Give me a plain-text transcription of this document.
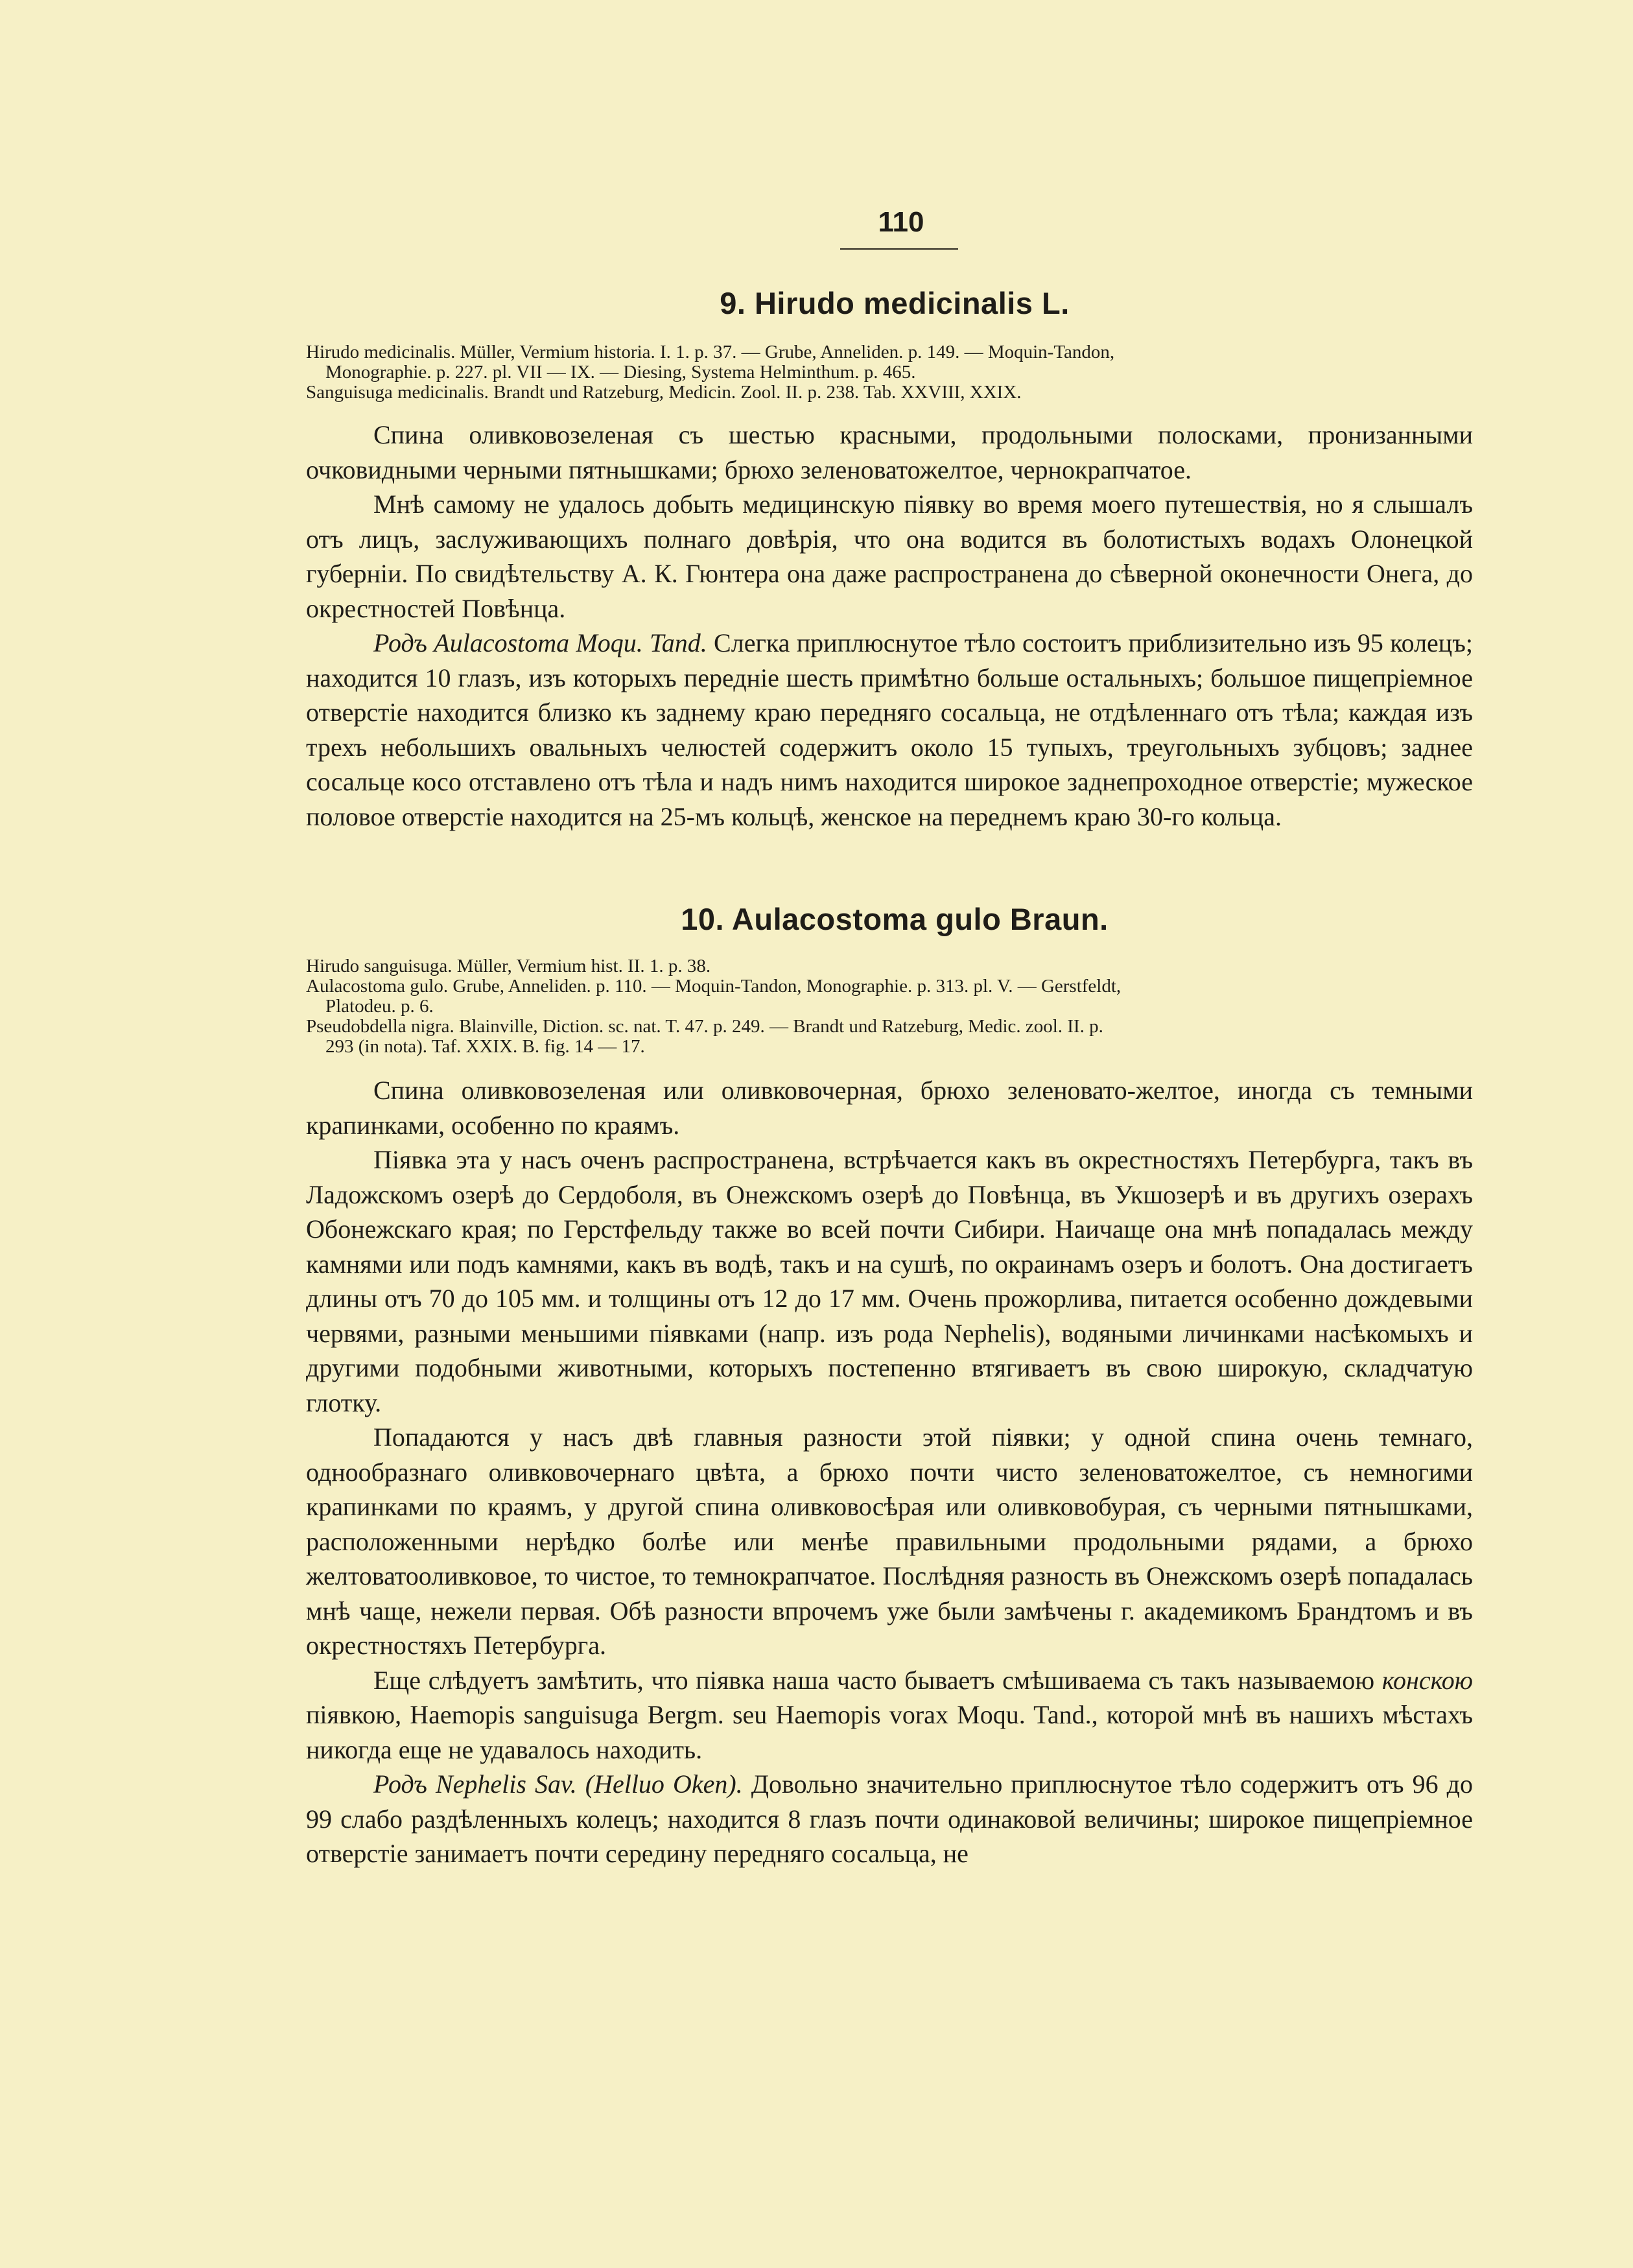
110
9. Hirudo medicinalis L.

Hirudo medicinalis. Müller, Vermium historia. I. 1. p. 37. — Grube, Anneliden. p. 149. — Moquin-Tandon,

Monographie. p. 227. pl. VII — IX. — Diesing, Systema Helminthum. p. 465.

Sanguisuga medicinalis. Brandt und Ratzeburg, Medicin. Zool. II. p. 238. Tab. XXVIII, XXIX.

Спина оливковозеленая съ шестью красными, продольными полосками, пронизанными очковидными черными пятнышками; брюхо зеленоватожелтое, чернокрапчатое.

Мнѣ самому не удалось добыть медицинскую піявку во время моего путешествія, но я слышалъ отъ лицъ, заслуживающихъ полнаго довѣрія, что она водится въ болотистыхъ водахъ Олонецкой губерніи. По свидѣтельству А. К. Гюнтера она даже распространена до сѣверной оконечности Онега, до окрестностей Повѣнца.

Родъ Aulacostoma Moqu. Tand. Слегка приплюснутое тѣло состоитъ приблизительно изъ 95 колецъ; находится 10 глазъ, изъ которыхъ передніе шесть примѣтно больше остальныхъ; большое пищепріемное отверстіе находится близко къ заднему краю передняго сосальца, не отдѣленнаго отъ тѣла; каждая изъ трехъ небольшихъ овальныхъ челюстей содержитъ около 15 тупыхъ, треугольныхъ зубцовъ; заднее сосальце косо отставлено отъ тѣла и надъ нимъ находится широкое заднепроходное отверстіе; мужеское половое отверстіе находится на 25-мъ кольцѣ, женское на переднемъ краю 30-го кольца.

10. Aulacostoma gulo Braun.

Hirudo sanguisuga. Müller, Vermium hist. II. 1. p. 38.

Aulacostoma gulo. Grube, Anneliden. p. 110. — Moquin-Tandon, Monographie. p. 313. pl. V. — Gerstfeldt,

Platodeu. p. 6.

Pseudobdella nigra. Blainville, Diction. sc. nat. T. 47. p. 249. — Brandt und Ratzeburg, Medic. zool. II. p.

293 (in nota). Taf. XXIX. B. fig. 14 — 17.

Спина оливковозеленая или оливковочерная, брюхо зеленовато-желтое, иногда съ темными крапинками, особенно по краямъ.

Піявка эта у насъ оченъ распространена, встрѣчается какъ въ окрестностяхъ Петербурга, такъ въ Ладожскомъ озерѣ до Сердоболя, въ Онежскомъ озерѣ до Повѣнца, въ Укшозерѣ и въ другихъ озерахъ Обонежскаго края; по Герстфельду также во всей почти Сибири. Наичаще она мнѣ попадалась между камнями или подъ камнями, какъ въ водѣ, такъ и на сушѣ, по окраинамъ озеръ и болотъ. Она достигаетъ длины отъ 70 до 105 мм. и толщины отъ 12 до 17 мм. Очень прожорлива, питается особенно дождевыми червями, разными меньшими піявками (напр. изъ рода Nephelis), водяными личинками насѣкомыхъ и другими подобными животными, которыхъ постепенно втягиваетъ въ свою широкую, складчатую глотку.

Попадаются у насъ двѣ главныя разности этой піявки; у одной спина очень темнаго, однообразнаго оливковочернаго цвѣта, а брюхо почти чисто зеленоватожелтое, съ немногими крапинками по краямъ, у другой спина оливковосѣрая или оливковобурая, съ черными пятнышками, расположенными нерѣдко болѣе или менѣе правильными продольными рядами, а брюхо желтоватооливковое, то чистое, то темнокрапчатое. Послѣдняя разность въ Онежскомъ озерѣ попадалась мнѣ чаще, нежели первая. Обѣ разности впрочемъ уже были замѣчены г. академикомъ Брандтомъ и въ окрестностяхъ Петербурга.

Еще слѣдуетъ замѣтить, что піявка наша часто бываетъ смѣшиваема съ такъ называемою конскою піявкою, Haemopis sanguisuga Bergm. seu Haemopis vorax Moqu. Tand., которой мнѣ въ нашихъ мѣстахъ никогда еще не удавалось находить.

Родъ Nephelis Sav. (Helluo Oken). Довольно значительно приплюснутое тѣло содержитъ отъ 96 до 99 слабо раздѣленныхъ колецъ; находится 8 глазъ почти одинаковой величины; широкое пищепріемное отверстіе занимаетъ почти середину передняго сосальца, не
